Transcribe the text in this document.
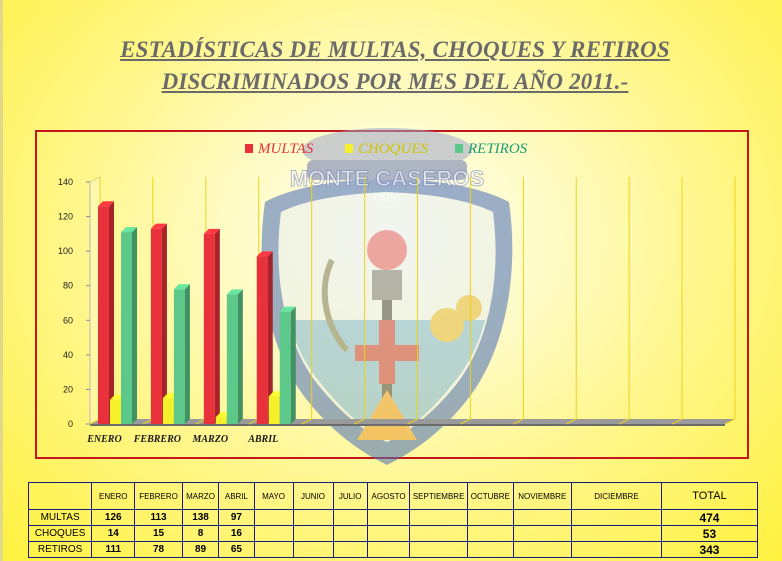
ESTADÍSTICAS DE MULTAS, CHOQUES Y RETIROS
DISCRIMINADOS POR MES DEL AÑO 2011.-
MONTE CASEROS
CTES
0
20
40
60
80
100
120
140
ENERO FEBRERO MARZO ABRIL
MULTAS	CHOQUES	RETIROS
	ENERO	FEBRERO	MARZO	ABRIL	MAYO	JUNIO	JULIO	AGOSTO	SEPTIEMBRE	OCTUBRE	NOVIEMBRE	DICIEMBRE	TOTAL
MULTAS	126	113	138	97									474
CHOQUES	14	15	8	16									53
RETIROS	111	78	89	65									343
